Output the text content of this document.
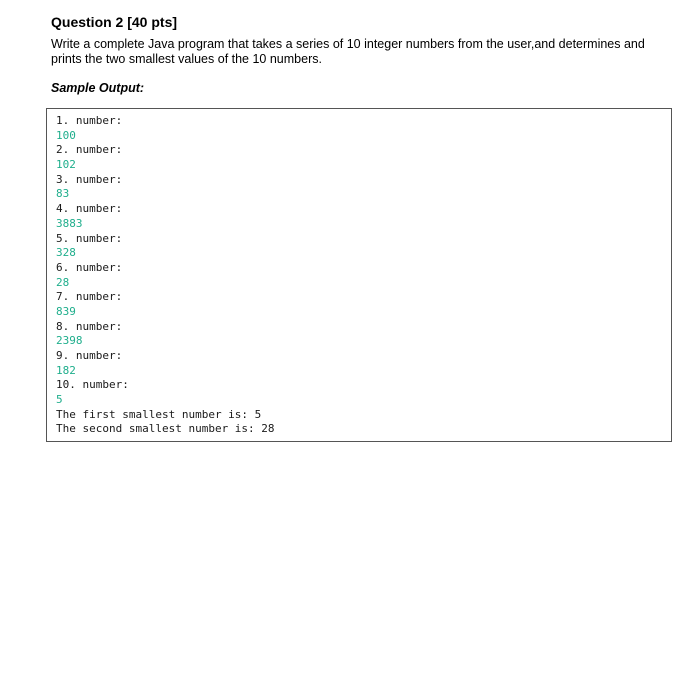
Question 2 [40 pts]
Write a complete Java program that takes a series of 10 integer numbers from the user,and determines and prints the two smallest values of the 10 numbers.
Sample Output:
1. number:
100
2. number:
102
3. number:
83
4. number:
3883
5. number:
328
6. number:
28
7. number:
839
8. number:
2398
9. number:
182
10. number:
5
The first smallest number is: 5
The second smallest number is: 28
